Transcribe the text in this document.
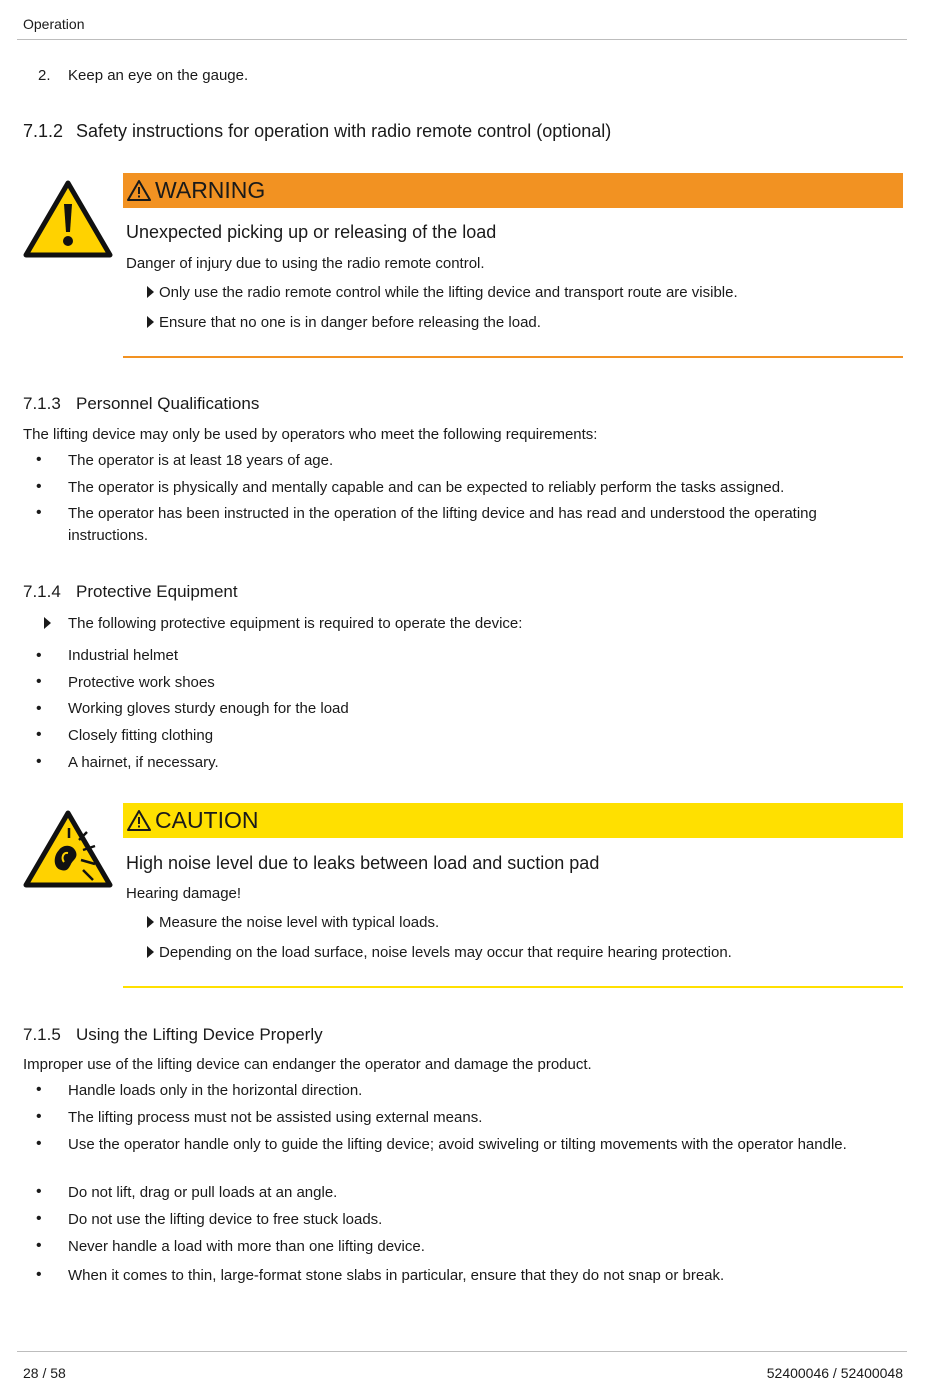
Operation
2. Keep an eye on the gauge.
7.1.2 Safety instructions for operation with radio remote control (optional)
WARNING
Unexpected picking up or releasing of the load
Danger of injury due to using the radio remote control.
Only use the radio remote control while the lifting device and transport route are visible.
Ensure that no one is in danger before releasing the load.
7.1.3 Personnel Qualifications
The lifting device may only be used by operators who meet the following requirements:
• The operator is at least 18 years of age.
• The operator is physically and mentally capable and can be expected to reliably perform the tasks assigned.
• The operator has been instructed in the operation of the lifting device and has read and understood the operating instructions.
7.1.4 Protective Equipment
The following protective equipment is required to operate the device:
• Industrial helmet
• Protective work shoes
• Working gloves sturdy enough for the load
• Closely fitting clothing
• A hairnet, if necessary.
CAUTION
High noise level due to leaks between load and suction pad
Hearing damage!
Measure the noise level with typical loads.
Depending on the load surface, noise levels may occur that require hearing protection.
7.1.5 Using the Lifting Device Properly
Improper use of the lifting device can endanger the operator and damage the product.
• Handle loads only in the horizontal direction.
• The lifting process must not be assisted using external means.
• Use the operator handle only to guide the lifting device; avoid swiveling or tilting movements with the operator handle.
• Do not lift, drag or pull loads at an angle.
• Do not use the lifting device to free stuck loads.
• Never handle a load with more than one lifting device.
• When it comes to thin, large-format stone slabs in particular, ensure that they do not snap or break.
28 / 58	52400046 / 52400048
